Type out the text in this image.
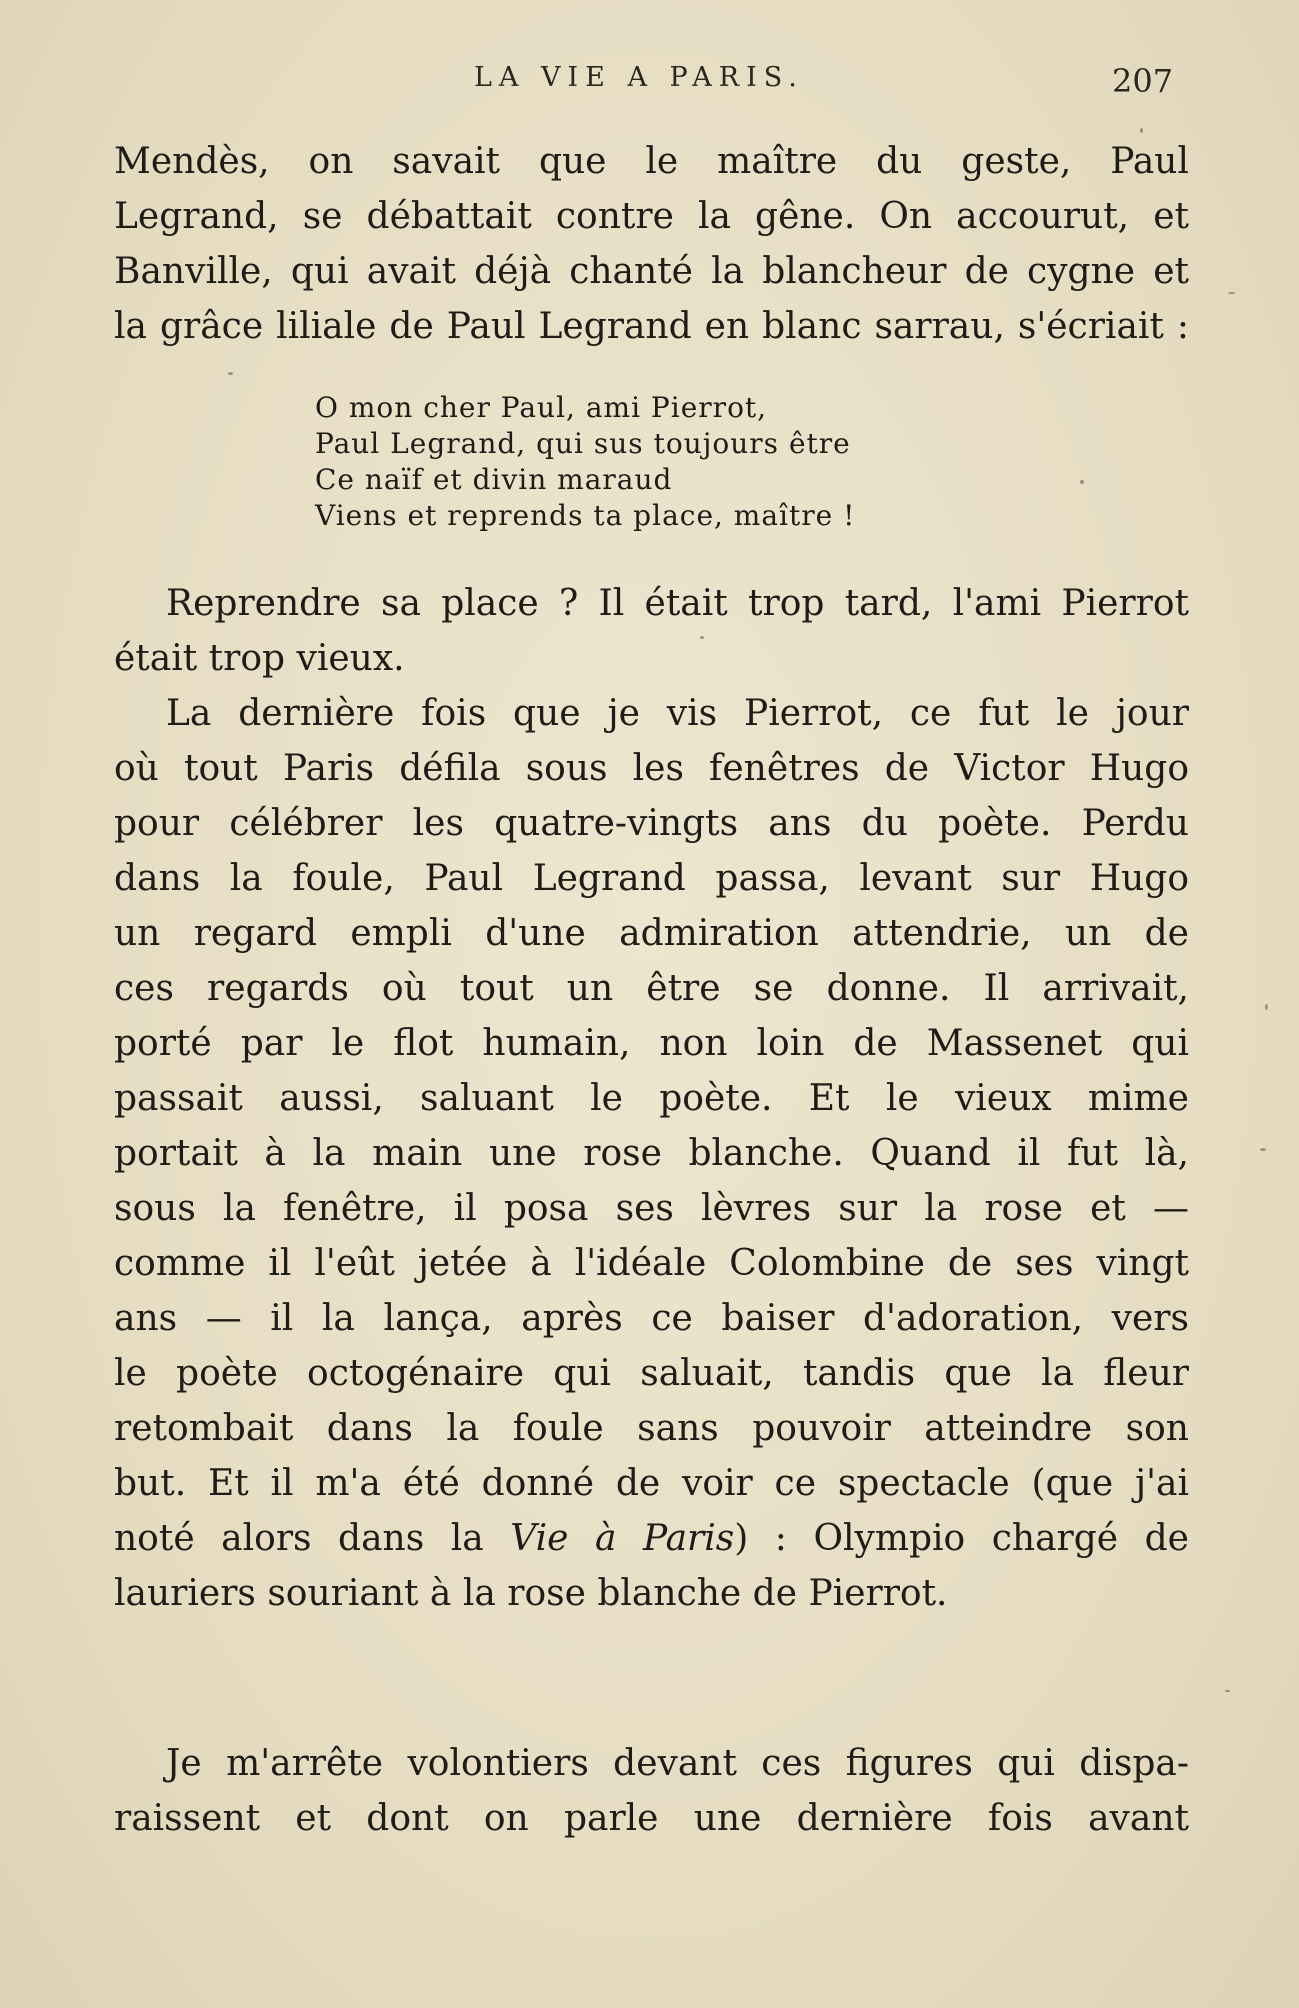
LA VIE A PARIS.	207
Mendès, on savait que le maître du geste, Paul
Legrand, se débattait contre la gêne. On accourut, et
Banville, qui avait déjà chanté la blancheur de cygne et
la grâce liliale de Paul Legrand en blanc sarrau, s'écriait :
O mon cher Paul, ami Pierrot,
Paul Legrand, qui sus toujours être
Ce naïf et divin maraud
Viens et reprends ta place, maître !
Reprendre sa place ? Il était trop tard, l'ami Pierrot
était trop vieux.
La dernière fois que je vis Pierrot, ce fut le jour
où tout Paris défila sous les fenêtres de Victor Hugo
pour célébrer les quatre-vingts ans du poète. Perdu
dans la foule, Paul Legrand passa, levant sur Hugo
un regard empli d'une admiration attendrie, un de
ces regards où tout un être se donne. Il arrivait,
porté par le flot humain, non loin de Massenet qui
passait aussi, saluant le poète. Et le vieux mime
portait à la main une rose blanche. Quand il fut là,
sous la fenêtre, il posa ses lèvres sur la rose et —
comme il l'eût jetée à l'idéale Colombine de ses vingt
ans — il la lança, après ce baiser d'adoration, vers
le poète octogénaire qui saluait, tandis que la fleur
retombait dans la foule sans pouvoir atteindre son
but. Et il m'a été donné de voir ce spectacle (que j'ai
noté alors dans la Vie à Paris) : Olympio chargé de
lauriers souriant à la rose blanche de Pierrot.
Je m'arrête volontiers devant ces figures qui dispa-
raissent et dont on parle une dernière fois avant
